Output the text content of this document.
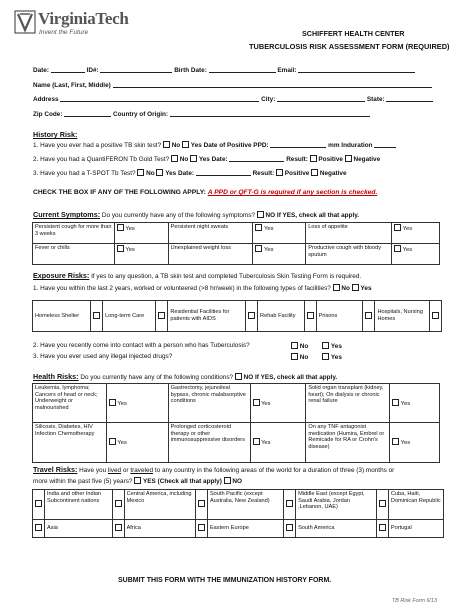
VirginiaTech
Invent the Future	SCHIFFERT HEALTH CENTER
TUBERCULOSIS RISK ASSESSMENT FORM (REQUIRED)
Date:	ID#:	Birth Date:	Email:
Name (Last, First, Middle)
Address	City:	State:
Zip Code:	Country of Origin:
History Risk:
1. Have you ever had a positive TB skin test? No Yes Date of Positive PPD:	mm Induration
2. Have you had a QuantiFERON Tb Gold Test? No Yes Date:	Result: Positive Negative
3. Have you had a T-SPOT Tb Test? No Yes Date:	Result: Positive Negative
CHECK THE BOX IF ANY OF THE FOLLOWING APPLY: A PPD or QFT-G is required if any section is checked.
Current Symptoms: Do you currently have any of the following symptoms? NO If YES, check all that apply.
Persistent cough for more than 3 weeks	Yes	Persistent night sweats	Yes	Loss of appetite	Yes
Fever or chills	Yes	Unexplained weight loss	Yes	Productive cough with bloody sputum	Yes
Exposure Risks: If yes to any question, a TB skin test and completed Tuberculosis Skin Testing Form is required.
1. Have you within the last 2 years, worked or volunteered (>8 hr/week) in the following types of facilities? No Yes
Homeless Shelter		Long-term Care		Residential Facilities for patients with AIDS		Rehab Facility		Prisons		Hospitals, Nursing Homes	
2. Have you recently come into contact with a person who has Tuberculosis?	No	Yes
3. Have you ever used any illegal injected drugs?	No	Yes
Health Risks: Do you currently have any of the following conditions? NO If YES, check all that apply.
Leukemia, lymphoma; Cancers of head or neck; Underweight or malnourished	Yes	Gastrectomy, jejunoileal bypass, chronic malabsorptive conditions	Yes	Solid organ transplant (kidney, heart); On dialysis or chronic renal failure	Yes
Silicosis, Diabetes, HIV Infection Chemotherapy	Yes	Prolonged corticosteroid therapy or other immunosuppressive disorders	Yes	On any TNF antagonist medication (Humira, Embrel or Remicade for RA or Crohn's disease)	Yes
Travel Risks: Have you lived or traveled to any country in the following areas of the world for a duration of three (3) months or
more within the past five (5) years? YES (Check all that apply) NO
	India and other Indian Subcontinent nations		Central America, including Mexico		South Pacific (except Australia, New Zealand)		Middle East (except Egypt, Saudi Arabia, Jordan ,Lebanon, UAE)		Cuba, Haiti, Dominican Republic
	Asia		Africa		Eastern Europe		South America		Portugal
SUBMIT THIS FORM WITH THE IMMUNIZATION HISTORY FORM.
TB Risk Form 6/13
